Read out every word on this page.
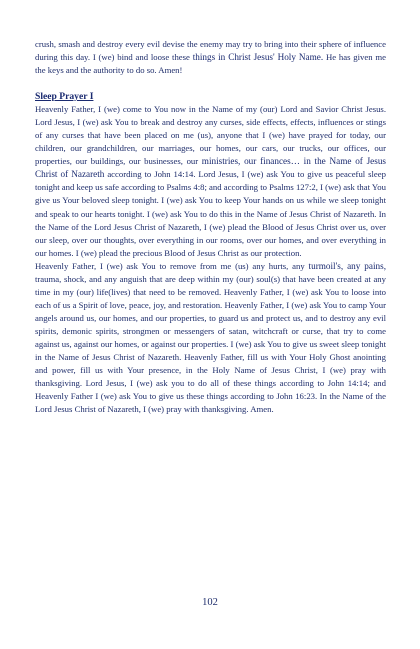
crush, smash and destroy every evil devise the enemy may try to bring into their sphere of influence during this day. I (we) bind and loose these things in Christ Jesus' Holy Name. He has given me the keys and the authority to do so. Amen!

Sleep Prayer I

Heavenly Father, I (we) come to You now in the Name of my (our) Lord and Savior Christ Jesus. Lord Jesus, I (we) ask You to break and destroy any curses, side effects, effects, influences or stings of any curses that have been placed on me (us), anyone that I (we) have prayed for today, our children, our grandchildren, our marriages, our homes, our cars, our trucks, our offices, our properties, our buildings, our businesses, our ministries, our finances… in the Name of Jesus Christ of Nazareth according to John 14:14. Lord Jesus, I (we) ask You to give us peaceful sleep tonight and keep us safe according to Psalms 4:8; and according to Psalms 127:2, I (we) ask that You give us Your beloved sleep tonight. I (we) ask You to keep Your hands on us while we sleep tonight and speak to our hearts tonight. I (we) ask You to do this in the Name of Jesus Christ of Nazareth. In the Name of the Lord Jesus Christ of Nazareth, I (we) plead the Blood of Jesus Christ over us, over our sleep, over our thoughts, over everything in our rooms, over our homes, and over everything in our homes. I (we) plead the precious Blood of Jesus Christ as our protection.

Heavenly Father, I (we) ask You to remove from me (us) any hurts, any turmoil's, any pains, trauma, shock, and any anguish that are deep within my (our) soul(s) that have been created at any time in my (our) life(lives) that need to be removed. Heavenly Father, I (we) ask You to loose into each of us a Spirit of love, peace, joy, and restoration. Heavenly Father, I (we) ask You to camp Your angels around us, our homes, and our properties, to guard us and protect us, and to destroy any evil spirits, demonic spirits, strongmen or messengers of satan, witchcraft or curse, that try to come against us, against our homes, or against our properties. I (we) ask You to give us sweet sleep tonight in the Name of Jesus Christ of Nazareth. Heavenly Father, fill us with Your Holy Ghost anointing and power, fill us with Your presence, in the Holy Name of Jesus Christ, I (we) pray with thanksgiving. Lord Jesus, I (we) ask you to do all of these things according to John 14:14; and Heavenly Father I (we) ask You to give us these things according to John 16:23. In the Name of the Lord Jesus Christ of Nazareth, I (we) pray with thanksgiving. Amen.

102
